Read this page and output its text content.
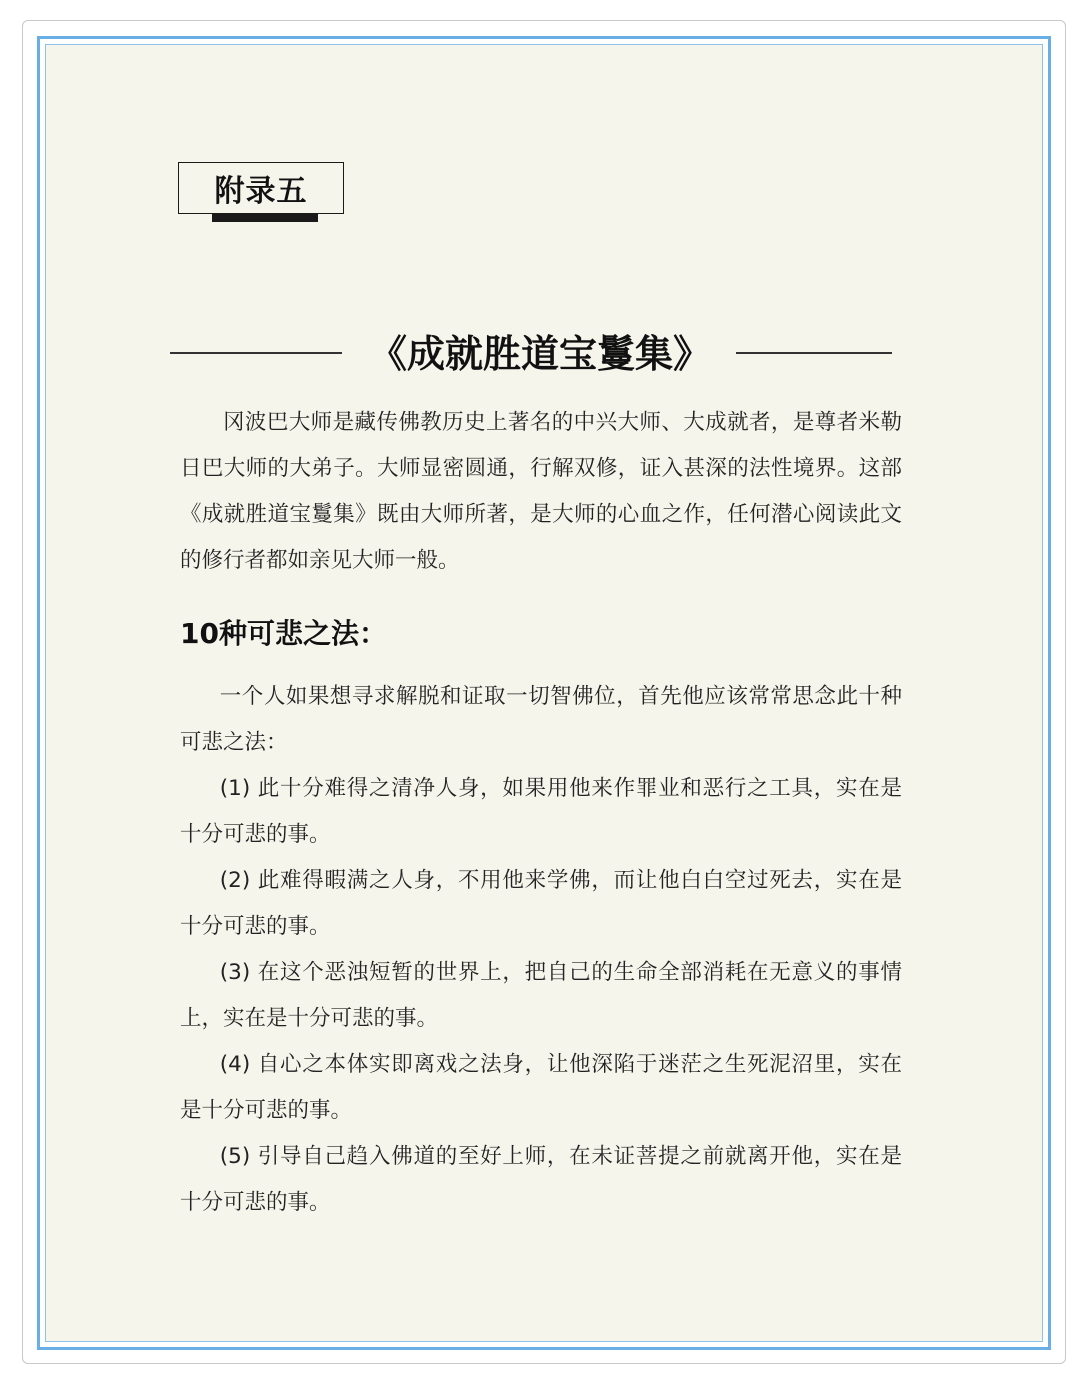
附录五
《成就胜道宝鬘集》

冈波巴大师是藏传佛教历史上著名的中兴大师、大成就者，是尊者米勒日巴大师的大弟子。大师显密圆通，行解双修，证入甚深的法性境界。这部《成就胜道宝鬘集》既由大师所著，是大师的心血之作，任何潜心阅读此文的修行者都如亲见大师一般。

10种可悲之法：

一个人如果想寻求解脱和证取一切智佛位，首先他应该常常思念此十种可悲之法：

(1) 此十分难得之清净人身，如果用他来作罪业和恶行之工具，实在是十分可悲的事。

(2) 此难得暇满之人身，不用他来学佛，而让他白白空过死去，实在是十分可悲的事。

(3) 在这个恶浊短暂的世界上，把自己的生命全部消耗在无意义的事情上，实在是十分可悲的事。

(4) 自心之本体实即离戏之法身，让他深陷于迷茫之生死泥沼里，实在是十分可悲的事。

(5) 引导自己趋入佛道的至好上师，在未证菩提之前就离开他，实在是十分可悲的事。
